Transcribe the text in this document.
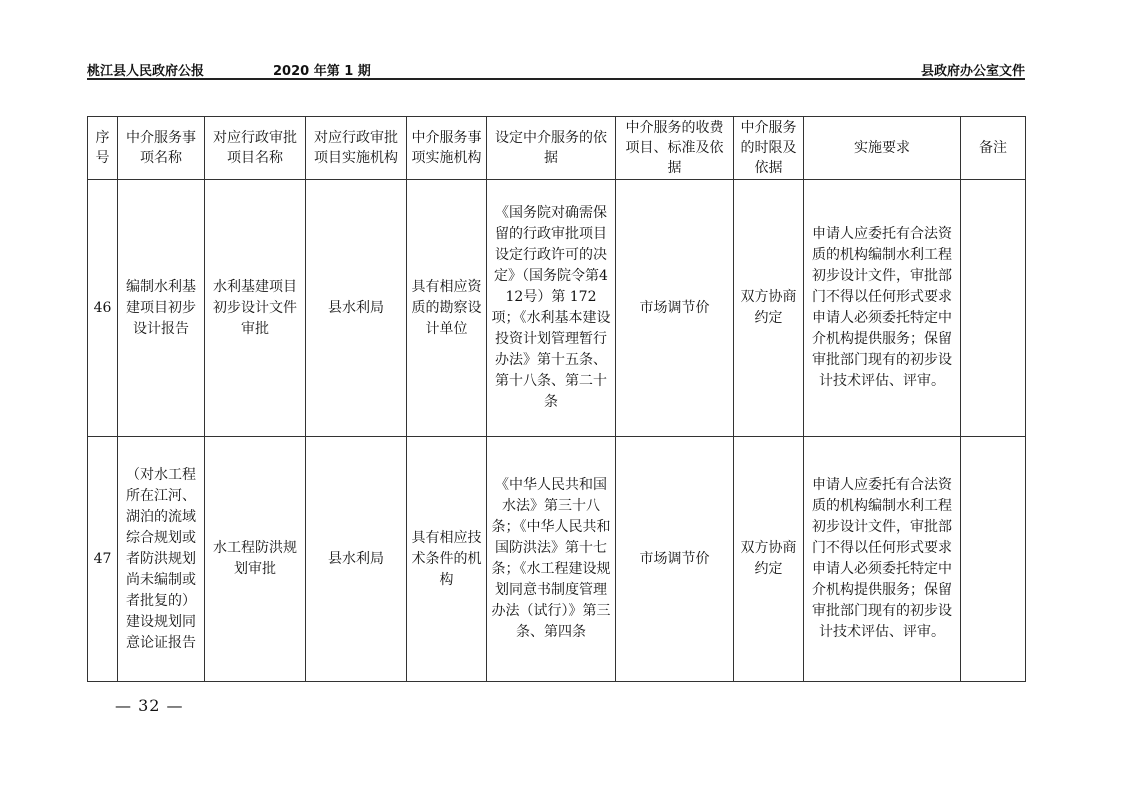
桃江县人民政府公报	2020 年第 1 期	县政府办公室文件
序号	中介服务事项名称	对应行政审批项目名称	对应行政审批项目实施机构	中介服务事项实施机构	设定中介服务的依据	中介服务的收费项目、标准及依据	中介服务的时限及依据	实施要求	备注
46	编制水利基建项目初步设计报告	水利基建项目初步设计文件审批	县水利局	具有相应资质的勘察设计单位	《国务院对确需保留的行政审批项目设定行政许可的决定》（国务院令第412号）第 172 项；《水利基本建设投资计划管理暂行办法》第十五条、第十八条、第二十条	市场调节价	双方协商约定	申请人应委托有合法资质的机构编制水利工程初步设计文件，审批部门不得以任何形式要求申请人必须委托特定中介机构提供服务；保留审批部门现有的初步设计技术评估、评审。	
47	（对水工程所在江河、湖泊的流域综合规划或者防洪规划尚未编制或者批复的）建设规划同意论证报告	水工程防洪规划审批	县水利局	具有相应技术条件的机构	《中华人民共和国水法》第三十八条；《中华人民共和国防洪法》第十七条；《水工程建设规划同意书制度管理办法（试行）》第三条、第四条	市场调节价	双方协商约定	申请人应委托有合法资质的机构编制水利工程初步设计文件，审批部门不得以任何形式要求申请人必须委托特定中介机构提供服务；保留审批部门现有的初步设计技术评估、评审。	
— 32 —
